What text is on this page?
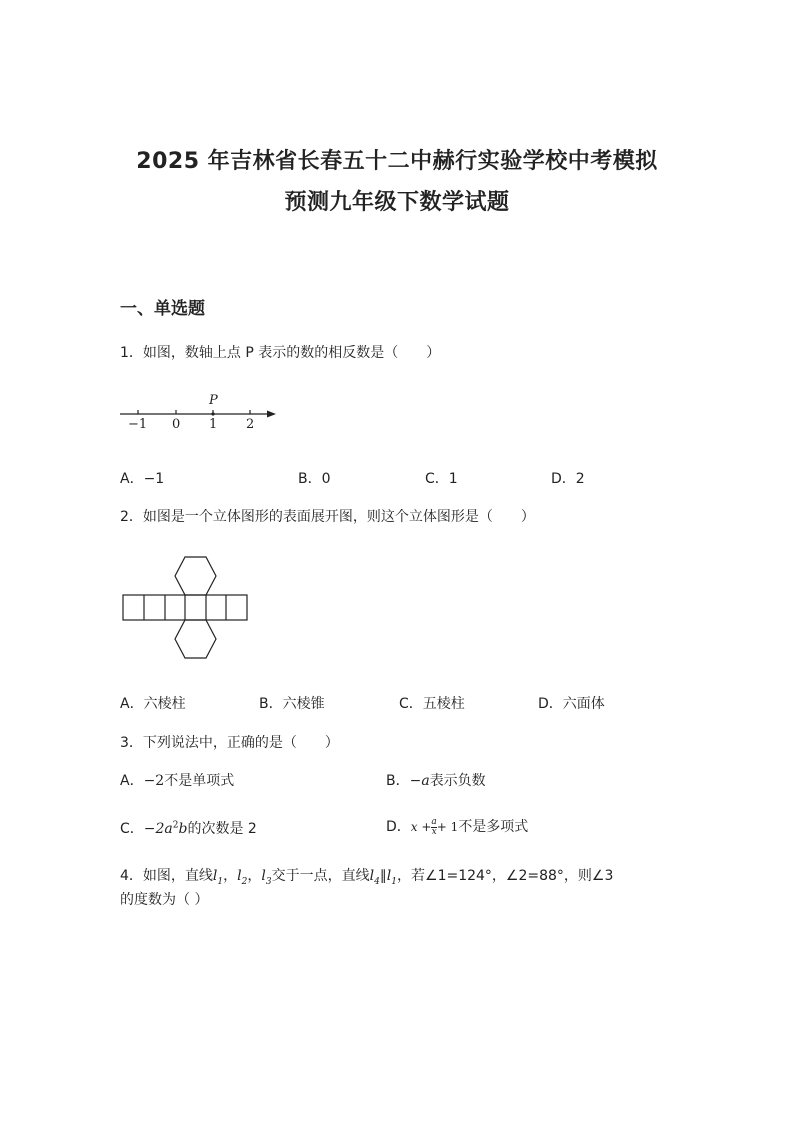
2025 年吉林省长春五十二中赫行实验学校中考模拟
预测九年级下数学试题
一、单选题
1．如图，数轴上点 P 表示的数的相反数是（　　）
P
−1 0 1 2
A．−1	B．0	C．1	D．2
2．如图是一个立体图形的表面展开图，则这个立体图形是（　　）
A．六棱柱	B．六棱锥	C．五棱柱	D．六面体
3．下列说法中，正确的是（　　）
A．−2不是单项式	B．−a表示负数
C．$-2a^2b$的次数是 2	D．$x + \frac{a}{x} + 1$不是多项式
4．如图，直线$l_1$，$l_2$，$l_3$交于一点，直线$l_4\parallel l_1$，若∠1=124°，∠2=88°，则∠3
的度数为（ ）
